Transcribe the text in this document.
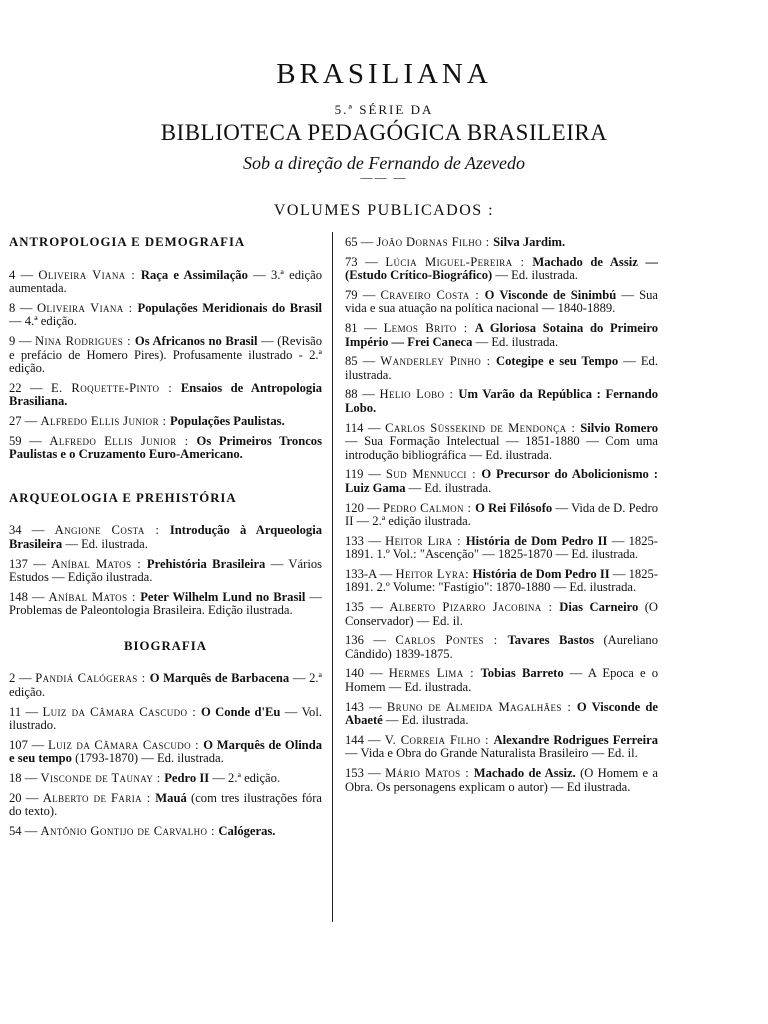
BRASILIANA
5.ª SÉRIE DA
BIBLIOTECA PEDAGÓGICA BRASILEIRA
Sob a direção de Fernando de Azevedo
—— —
VOLUMES PUBLICADOS :
ANTROPOLOGIA E DEMOGRAFIA

4 — Oliveira Viana : Raça e Assimilação — 3.ª edição aumentada.

8 — Oliveira Viana : Populações Meridionais do Brasil — 4.ª edição.

9 — Nina Rodrigues : Os Africanos no Brasil — (Revisão e prefácio de Homero Pires). Profusamente ilustrado - 2.ª edição.

22 — E. Roquette-Pinto : Ensaios de Antropologia Brasiliana.

27 — Alfredo Ellis Junior : Populações Paulistas.

59 — Alfredo Ellis Junior : Os Primeiros Troncos Paulistas e o Cruzamento Euro-Americano.

ARQUEOLOGIA E PREHISTÓRIA

34 — Angione Costa : Introdução à Arqueologia Brasileira — Ed. ilustrada.

137 — Aníbal Matos : Prehistória Brasileira — Vários Estudos — Edição ilustrada.

148 — Aníbal Matos : Peter Wilhelm Lund no Brasil — Problemas de Paleontologia Brasileira. Edição ilustrada.

BIOGRAFIA

2 — Pandiá Calógeras : O Marquês de Barbacena — 2.ª edição.

11 — Luiz da Câmara Cascudo : O Conde d'Eu — Vol. ilustrado.

107 — Luiz da Câmara Cascudo : O Marquês de Olinda e seu tempo (1793-1870) — Ed. ilustrada.

18 — Visconde de Taunay : Pedro II — 2.ª edição.

20 — Alberto de Faria : Mauá (com tres ilustrações fóra do texto).

54 — Antônio Gontijo de Carvalho : Calógeras.

65 — João Dornas Filho : Silva Jardim.

73 — Lúcia Miguel-Pereira : Machado de Assiz — (Estudo Crítico-Biográfico) — Ed. ilustrada.

79 — Craveiro Costa : O Visconde de Sinimbú — Sua vida e sua atuação na política nacional — 1840-1889.

81 — Lemos Brito : A Gloriosa Sotaina do Primeiro Império — Frei Caneca — Ed. ilustrada.

85 — Wanderley Pinho : Cotegipe e seu Tempo — Ed. ilustrada.

88 — Helio Lobo : Um Varão da República : Fernando Lobo.

114 — Carlos Süssekind de Mendonça : Silvio Romero — Sua Formação Intelectual — 1851-1880 — Com uma introdução bibliográfica — Ed. ilustrada.

119 — Sud Mennucci : O Precursor do Abolicionismo : Luiz Gama — Ed. ilustrada.

120 — Pedro Calmon : O Rei Filósofo — Vida de D. Pedro II — 2.ª edição ilustrada.

133 — Heitor Lira : História de Dom Pedro II — 1825-1891. 1.º Vol.: "Ascenção" — 1825-1870 — Ed. ilustrada.

133-A — Heitor Lyra: História de Dom Pedro II — 1825-1891. 2.º Volume: "Fastigio": 1870-1880 — Ed. ilustrada.

135 — Alberto Pizarro Jacobina : Dias Carneiro (O Conservador) — Ed. il.

136 — Carlos Pontes : Tavares Bastos (Aureliano Cândido) 1839-1875.

140 — Hermes Lima : Tobias Barreto — A Epoca e o Homem — Ed. ilustrada.

143 — Bruno de Almeida Magalhães : O Visconde de Abaeté — Ed. ilustrada.

144 — V. Correia Filho : Alexandre Rodrigues Ferreira — Vida e Obra do Grande Naturalista Brasileiro — Ed. il.

153 — Mário Matos : Machado de Assiz. (O Homem e a Obra. Os personagens explicam o autor) — Ed ilustrada.
